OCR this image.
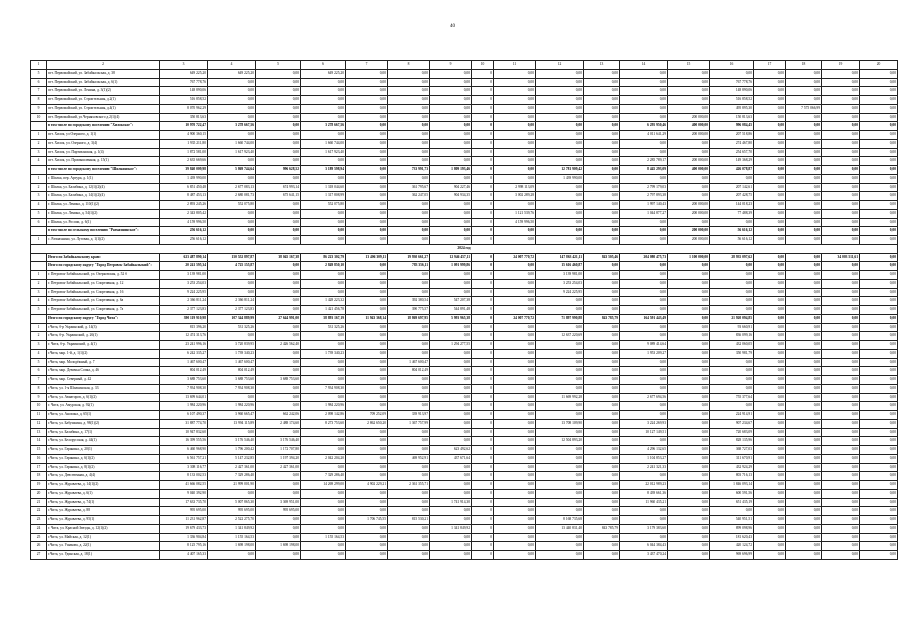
40
1	2	3	4	5	6	7	8	9	10	11	12	13	14	15	16	17	18	19	20
5	пгт. Первомайский, ул. Забайкальская, д. 38	649 225,20	649 225,20	0,00	649 225,20	0,00	0,00	0,00	0	0,00	0,00	0,00	0,00	0,00	0,00	0,00	0,00	0,00	0,00
6	пгт. Первомайский, ул. Забайкальская, д. 6(1)	767 778,76	0,00	0,00	0,00	0,00	0,00	0,00	0	0,00	0,00	0,00	0,00	0,00	767 778,76	0,00	0,00	0,00	0,00
7	пгт. Первомайский, ул. Ленина, д. 3(1)(2)	148 890,06	0,00	0,00	0,00	0,00	0,00	0,00	0	0,00	0,00	0,00	0,00	0,00	148 890,06	0,00	0,00	0,00	0,00
8	пгт. Первомайский, ул. Строительная, д.2(1)	516 858,52	0,00	0,00	0,00	0,00	0,00	0,00	0	0,00	0,00	0,00	0,00	0,00	516 858,52	0,00	0,00	0,00	0,00
9	пгт. Первомайский, ул. Строительная, д.4(1)	8 070 962,29	0,00	0,00	0,00	0,00	0,00	0,00	0	0,00	0,00	0,00	0,00	0,00	495 895,30	0,00	7 575 066,99	0,00	0,00
10	пгт. Первомайский, ул.Черняховского д.2(1)(4)	350 813,63	0,00	0,00	0,00	0,00	0,00	0,00	0	0,00	0,00	0,00	0,00	200 000,00	150 813,63	0,00	0,00	0,00	0,00
	в том числе по городскому поселению "Хилокское":	10 970 722,47	3 278 667,56	0,00	3 278 667,56	0,00	0,00	0,00	0	0,00	0,00	0,00	6 295 950,46	400 000,00	996 084,45	0,00	0,00	0,00	0,00
1	пгт. Хилок, ул Озерного, д. 1(1)	4 900 360,15	0,00	0,00	0,00	0,00	0,00	0,00	0	0,00	0,00	0,00	4 011 641,29	200 000,00	207 518,86	0,00	0,00	0,00	0,00
2	пгт. Хилок, ул. Озерного, д. 3(4)	1 935 211,80	1 660 744,00	0,00	1 660 744,00	0,00	0,00	0,00	0	0,00	0,00	0,00	0,00	0,00	274 467,80	0,00	0,00	0,00	0,00
3	пгт. Хилок, ул. Партизанская, д. 1(4)	1 872 581,00	1 617 923,40	0,00	1 617 923,40	0,00	0,00	0,00	0	0,00	0,00	0,00	0,00	0,00	254 657,70	0,00	0,00	0,00	0,00
4	пгт. Хилок, ул. Промышленная, д. 15(1)	2 635 669,66	0,00	0,00	0,00	0,00	0,00	0,00	0	0,00	0,00	0,00	2 285 789,17	200 000,00	149 368,29	0,00	0,00	0,00	0,00
	в том числе по городскому поселению "Шилкинское":	39 840 009,98	5 869 744,64	996 628,52	3 189 598,94	0,00	733 991,73	1 809 193,46	0	0,00	12 781 909,42	0,00	8 445 293,09	400 000,00	426 078,87	0,00	0,00	0,00	0,00
1	г. Шилка, пер. Артура, д. 1(1)	1 439 990,00	0,00	0,00	0,00	0,00	0,00	0,00	0	0,00	1 439 990,00	0,00	0,00	0,00	0,00	0,00	0,00	0,00	0,00
2	г. Шилка, ул. Балябина, д. 12(1)(2)(4)	6 851 450,48	2 677 083,13	674 993,14	1 318 044,60	0,00	361 795,67	904 227,46	0	2 998 113,09	0,00	0,00	2 799 179,03	0,00	207 142,61	0,00	0,00	0,00	0,00
3	г. Шилка, ул. Балябина, д. 14(1)(2)(4)	8 487 453,13	2 680 081,73	675 641,15	1 317 808,99	0,00	362 247,05	904 934,35	0	3 002 289,28	0,00	0,00	2 797 893,38	0,00	207 428,75	0,00	0,00	0,00	0,00
4	г. Шилка, ул. Ленина, д. 110(1)(2)	2 893 245,26	552 075,80	0,00	552 075,80	0,00	0,00	0,00	0	0,00	0,00	0,00	1 997 140,43	200 000,00	144 018,23	0,00	0,00	0,00	0,00
5	г. Шилка, ул. Ленина, д. 54(1)(2)	2 343 805,42	0,00	0,00	0,00	0,00	0,00	0,00	0	1 121 539,76	0,00	0,00	1 044 877,27	200 000,00	77 488,39	0,00	0,00	0,00	0,00
6	г. Шилка, ул. России, д. 6(1)	4 159 996,50	0,00	0,00	0,00	0,00	0,00	0,00	0	4 159 996,50	0,00	0,00	0,00	0,00	0,00	0,00	0,00	0,00	0,00
	в том числе по сельскому поселению "Размахнинское":	256 616,12	0,00	0,00	0,00	0,00	0,00	0,00	0	0,00	0,00	0,00	0,00	200 000,00	56 616,12	0,00	0,00	0,00	0,00
1	с. Размахнино, ул. Луговая, д. 1(1)(2)	256 616,12	0,00	0,00	0,00	0,00	0,00	0,00	0	0,00	0,00	0,00	0,00	200 000,00	56 616,12	0,00	0,00	0,00	0,00
2024 год																			
	Итого по Забайкальскому краю:	623 487 890,14	150 552 897,87	38 045 167,38	86 223 302,79	13 406 309,11	19 930 661,27	12 946 457,11	0	24 007 770,72	147 863 421,11	843 505,46	204 080 475,73	1 100 000,00	28 935 097,62	0,00	0,00	34 003 511,61	0,00
	Итого по городскому округу "Город Петровск-Забайкальский":	20 241 595,34	4 725 155,87	0,00	2 849 850,10	0,00	783 356,11	1 091 999,86	0	0,00	15 616 460,87	0,00	0,00	0,00	0,00	0,00	0,00	0,00	0,00
1	г. Петровск-Забайкальский, ул. Озерковская, д. 52 б	3 139 981,00	0,00	0,00	0,00	0,00	0,00	0,00	0	0,00	3 139 981,00	0,00	0,00	0,00	0,00	0,00	0,00	0,00	0,00
2	г. Петровск-Забайкальский, ул. Спортивная, д. 12	3 253 254,03	0,00	0,00	0,00	0,00	0,00	0,00	0	0,00	3 253 254,03	0,00	0,00	0,00	0,00	0,00	0,00	0,00	0,00
3	г. Петровск-Забайкальский, ул. Спортивная, д. 16	9 224 225,95	0,00	0,00	0,00	0,00	0,00	0,00	0	0,00	9 224 225,95	0,00	0,00	0,00	0,00	0,00	0,00	0,00	0,00
4	г. Петровск-Забайкальский, ул. Спортивная, д. 6а	2 366 811,24	2 366 811,24	0,00	1 428 223,32	0,00	392 380,54	547 207,38	0	0,00	0,00	0,00	0,00	0,00	0,00	0,00	0,00	0,00	0,00
5	г. Петровск-Забайкальский, ул. Спортивная, д. 7а	2 377 123,83	2 377 123,83	0,00	1 421 456,78	0,00	390 775,57	544 891,48	0	0,00	0,00	0,00	0,00	0,00	0,00	0,00	0,00	0,00	0,00
	Итого по городскому округу "Город Чита":	390 119 910,98	107 344 889,99	27 644 991,00	58 893 167,19	11 943 368,14	18 869 697,95	5 993 965,38	0	24 007 770,72	71 897 990,88	843 785,79	164 591 443,49	0,00	21 920 094,85	0,00	0,00	0,00	0,00
1	г.Чита, б-р Украинский, д. 14(3)	815 396,20	531 325,26	0,00	531 325,26	0,00	0,00	0,00	0	0,00	0,00	0,00	0,00	0,00	93 660,91	0,00	0,00	0,00	0,00
2	г.Чита, б-р. Украинский, д. 26(1)	12 474 313,76	0,00	0,00	0,00	0,00	0,00	0,00	0	0,00	12 637 220,69	0,00	0,00	0,00	836 099,16	0,00	0,00	0,00	0,00
3	г. Чита, б-р. Украинский, д. 4(1)	23 241 996,16	3 720 839,95	2 426 562,40	0,00	0,00	0,00	1 294 277,55	0	0,00	0,00	0,00	9 089 414,64	0,00	432 060,05	0,00	0,00	0,00	0,00
4	г.Чита, мкр. 1-й, д. 1(1)(2)	6 242 335,27	1 739 340,23	0,00	1 739 340,23	0,00	0,00	0,00	0	0,00	0,00	0,00	1 953 209,27	0,00	350 981,79	0,00	0,00	0,00	0,00
5	г.Чита, мкр. Молодёжный, д. 7	1 467 600,47	1 467 600,47	0,00	0,00	0,00	1 467 600,47	0,00	0	0,00	0,00	0,00	0,00	0,00	0,00	0,00	0,00	0,00	0,00
6	г.Чита, мкр. Девичья Сопка, д. 46	804 012,49	804 012,49	0,00	0,00	0,00	804 012,49	0,00	0	0,00	0,00	0,00	0,00	0,00	0,00	0,00	0,00	0,00	0,00
7	г.Чита, мкр. Северный, д. 42	3 688 753,60	3 688 753,60	3 688 753,60	0,00	0,00	0,00	0,00	0	0,00	0,00	0,00	0,00	0,00	0,00	0,00	0,00	0,00	0,00
8	г.Чита, ул. 1-я Шилкинская, д. 33	7 934 908,30	7 934 908,30	0,00	7 934 908,30	0,00	0,00	0,00	0	0,00	0,00	0,00	0,00	0,00	0,00	0,00	0,00	0,00	0,00
9	г.Чита, ул. Авиаторов, д. 6(1)(2)	13 699 644,01	0,00	0,00	0,00	0,00	0,00	0,00	0	0,00	11 669 992,28	0,00	2 677 694,56	0,00	755 377,64	0,00	0,00	0,00	0,00
10	г. Чита, ул. Амурская, д. 92(1)	1 984 220,96	1 984 220,96	0,00	1 984 220,96	0,00	0,00	0,00	0	0,00	0,00	0,00	0,00	0,00	0,00	0,00	0,00	0,00	0,00
11	г.Чита, ул. Анохина, д. 65(1)	6 107 490,37	3 960 665,47	662 242,06	2 098 142,86	709 252,09	339 913,97	0,00	0	0,00	0,00	0,00	0,00	0,00	224 914,91	0,00	0,00	0,00	0,00
12	г.Чита, ул. Бабушкина, д. 98(1)(2)	31 887 774,70	13 994 115,89	2 488 174,60	8 273 753,60	2 862 650,20	1 367 757,99	0,00	0	0,00	13 708 109,90	0,00	3 224 269,93	0,00	907 234,67	0,00	0,00	0,00	0,00
13	г.Чита, ул. Балябина, д. 17(1)	10 947 832,60	0,00	0,00	0,00	0,00	0,00	0,00	0	0,00	0,00	0,00	10 127 149,51	0,00	720 683,09	0,00	0,00	0,00	0,00
14	г.Чита, ул. Белорусская, д. 44(1)	16 399 555,56	3 176 546,40	3 176 546,40	0,00	0,00	0,00	0,00	0	0,00	12 504 893,20	0,00	0,00	0,00	828 135,96	0,00	0,00	0,00	0,00
15	г.Чита, ул. Гаранина, д. 20(1)	6 460 968,90	1 796 200,42	1 172 707,80	0,00	0,00	0,00	623 492,62	0	0,00	0,00	0,00	4 296 132,65	0,00	368 727,03	0,00	0,00	0,00	0,00
16	г.Чита, ул. Гаранина, д. 6(1)(2)	6 561 757,21	5 147 232,85	1 197 394,20	2 042 204,20	0,00	469 952,91	437 671,64	0	0,00	0,00	0,00	1 104 853,27	0,00	311 670,91	0,00	0,00	0,00	0,00
17	г.Чита, ул. Гаранина, д. 8(1)(2)	3 308 116,77	2 427 361,00	2 427 361,00	0,00	0,00	0,00	0,00	0	0,00	0,00	0,00	2 241 321,33	0,00	432 924,29	0,00	0,00	0,00	0,00
18	г.Чита, ул. Девственная, д. 4(4)	8 133 002,53	7 329 286,40	0,00	7 329 286,40	0,00	0,00	0,00	0	0,00	0,00	0,00	0,00	0,00	803 716,13	0,00	0,00	0,00	0,00
19	г.Чита, ул. Журавлева, д. 14(1)(2)	41 666 082,55	21 999 001,90	0,00	14 269 299,00	4 902 229,21	2 361 355,71	0,00	0	0,00	0,00	0,00	22 012 989,23	0,00	1 846 093,14	0,00	0,00	0,00	0,00
20	г.Чита, ул. Журавлева, д. 6(1)	9 040 392,90	0,00	0,00	0,00	0,00	0,00	0,00	0	0,00	0,00	0,00	8 439 661,36	0,00	600 591,56	0,00	0,00	0,00	0,00
21	г.Чита, ул. Журавлева, д. 74(1)	17 633 735,70	5 007 865,30	3 369 951,00	0,00	0,00	0,00	1 741 914,30	0	0,00	0,00	0,00	11 960 435,21	0,00	651 435,19	0,00	0,00	0,00	0,00
22	г.Чита, ул. Журавлева, д. 88	995 695,00	995 695,00	995 695,00	0,00	0,00	0,00	0,00	0	0,00	0,00	0,00	0,00	0,00	0,00	0,00	0,00	0,00	0,00
23	г.Чита, ул. Журавлева, д. 95(1)	11 231 962,87	2 522 275,70	0,00	0,00	1 706 745,55	815 530,21	0,00	0	0,00	8 168 735,68	0,00	0,00	0,00	540 951,51	0,00	0,00	0,00	0,00
24	г. Чита, ул. Красной Звезды, д. 12(1)(2)	19 679 433,73	1 341 849,92	0,00	0,00	0,00	0,00	1 341 849,92	0	0,00	13 440 831,40	843 785,79	3 179 383,60	0,00	899 098,96	0,00	0,00	0,00	0,00
25	г.Чита, ул. Майская, д. 12(1)	1 336 904,84	1 155 164,53	0,00	1 155 164,53	0,00	0,00	0,00	0	0,00	0,00	0,00	0,00	0,00	181 620,43	0,00	0,00	0,00	0,00
26	г.Чита, ул. Ушакова, д. 22(1)	8 125 795,16	1 698 198,00	1 698 198,00	0,00	0,00	0,00	0,00	0	0,00	0,00	0,00	6 044 384,43	0,00	420 124,72	0,00	0,00	0,00	0,00
27	г.Чита, ул. Удинская, д. 18(1)	4 407 165,33	0,00	0,00	0,00	0,00	0,00	0,00	0	0,00	0,00	0,00	3 437 470,24	0,00	969 696,99	0,00	0,00	0,00	0,00
